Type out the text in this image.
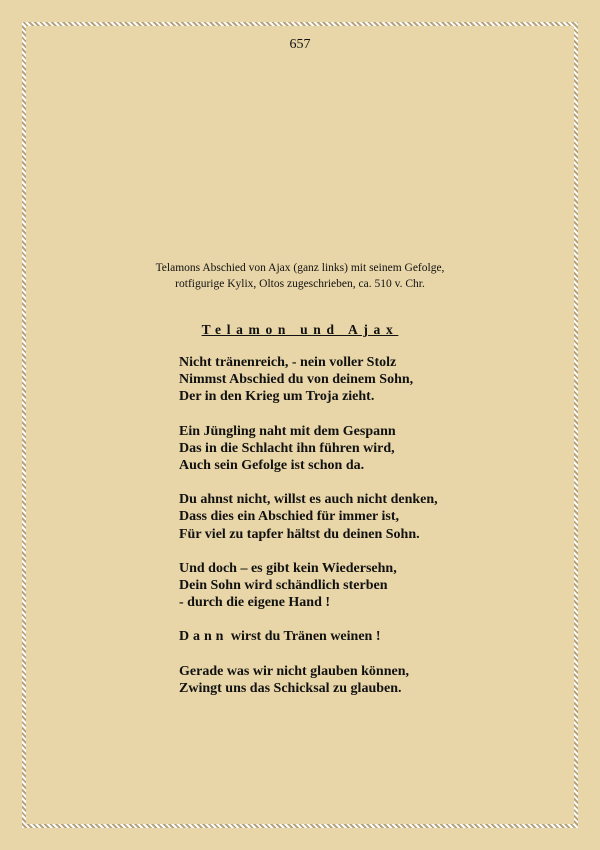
657
Telamons Abschied von Ajax (ganz links) mit seinem Gefolge,
rotfigurige Kylix, Oltos zugeschrieben, ca. 510 v. Chr.
Telamon und Ajax
Nicht tränenreich, - nein voller Stolz
Nimmst Abschied du von deinem Sohn,
Der in den Krieg um Troja zieht.
Ein Jüngling naht mit dem Gespann
Das in die Schlacht ihn führen wird,
Auch sein Gefolge ist schon da.
Du ahnst nicht, willst es auch nicht denken,
Dass dies ein Abschied für immer ist,
Für viel zu tapfer hältst du deinen Sohn.
Und doch – es gibt kein Wiedersehn,
Dein Sohn wird schändlich sterben
- durch die eigene Hand !
Dann wirst du Tränen weinen !
Gerade was wir nicht glauben können,
Zwingt uns das Schicksal zu glauben.
